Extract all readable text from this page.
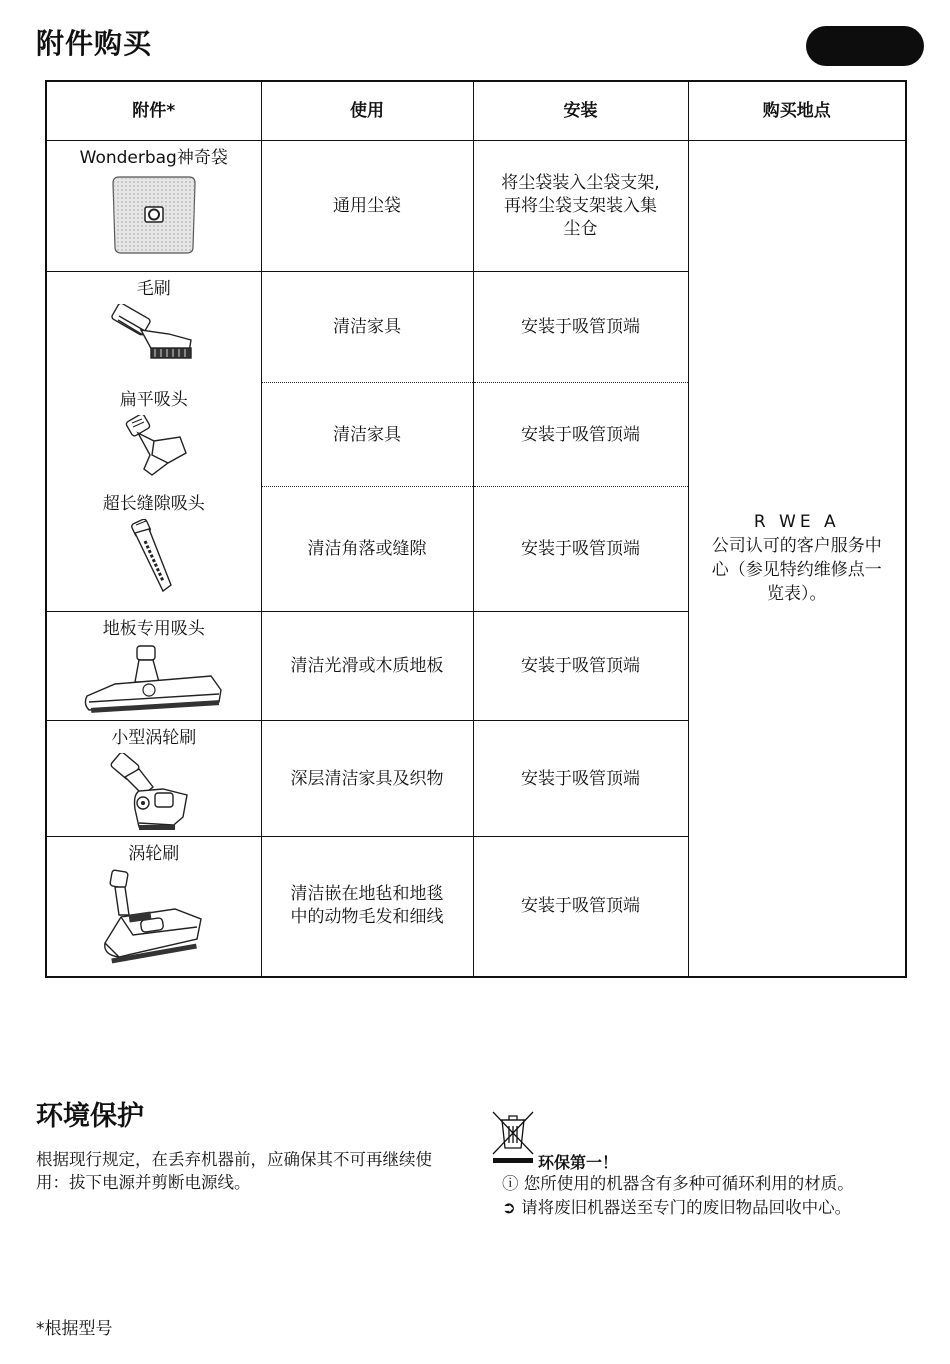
附件购买
附件*	使用	安装	购买地点

Wonderbag神奇袋	通用尘袋	将尘袋装入尘袋支架,
再将尘袋支架装入集
尘仓	R WE A
公司认可的客户服务中
心（参见特约维修点一
览表）。

毛刷	清洁家具	安装于吸管顶端	

扁平吸头	清洁家具	安装于吸管顶端	

超长缝隙吸头	清洁角落或缝隙	安装于吸管顶端	

地板专用吸头	清洁光滑或木质地板	安装于吸管顶端	

小型涡轮刷	深层清洁家具及织物	安装于吸管顶端	

涡轮刷	清洁嵌在地毡和地毯
中的动物毛发和细线	安装于吸管顶端	
环境保护

根据现行规定，在丢弃机器前，应确保其不可再继续使用：拔下电源并剪断电源线。

环保第一！
ⓘ 您所使用的机器含有多种可循环利用的材质。
➲ 请将废旧机器送至专门的废旧物品回收中心。

*根据型号
